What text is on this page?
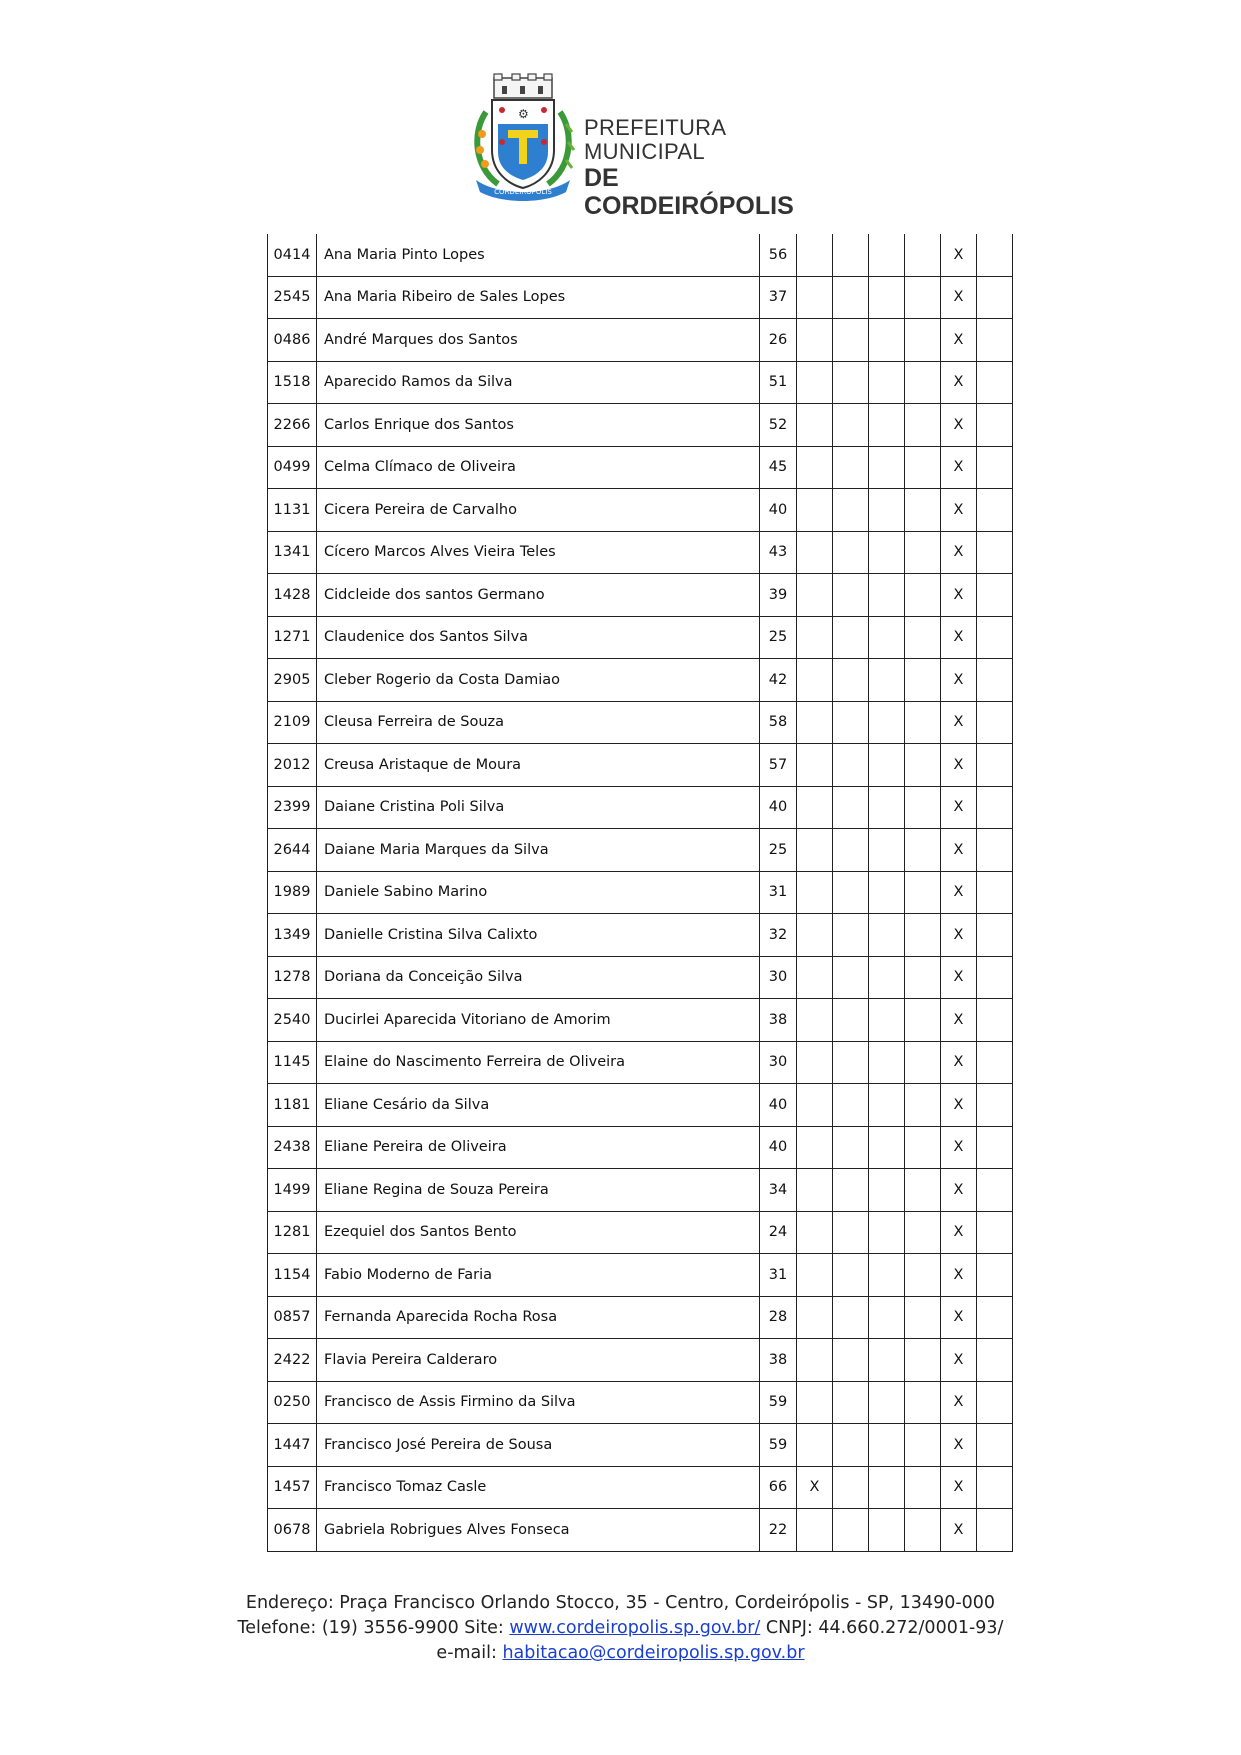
⚙
CORDEIRÓPOLIS
PREFEITURA MUNICIPAL
DE CORDEIRÓPOLIS
0414	Ana Maria Pinto Lopes	56					X	
2545	Ana Maria Ribeiro de Sales Lopes	37					X	
0486	André Marques dos Santos	26					X	
1518	Aparecido Ramos da Silva	51					X	
2266	Carlos Enrique dos Santos	52					X	
0499	Celma Clímaco de Oliveira	45					X	
1131	Cicera Pereira de Carvalho	40					X	
1341	Cícero Marcos Alves Vieira Teles	43					X	
1428	Cidcleide dos santos Germano	39					X	
1271	Claudenice dos Santos Silva	25					X	
2905	Cleber Rogerio da Costa Damiao	42					X	
2109	Cleusa Ferreira de Souza	58					X	
2012	Creusa Aristaque de Moura	57					X	
2399	Daiane Cristina Poli Silva	40					X	
2644	Daiane Maria Marques da Silva	25					X	
1989	Daniele Sabino Marino	31					X	
1349	Danielle Cristina Silva Calixto	32					X	
1278	Doriana da Conceição Silva	30					X	
2540	Ducirlei Aparecida Vitoriano de Amorim	38					X	
1145	Elaine do Nascimento Ferreira de Oliveira	30					X	
1181	Eliane Cesário da Silva	40					X	
2438	Eliane Pereira de Oliveira	40					X	
1499	Eliane Regina de Souza Pereira	34					X	
1281	Ezequiel dos Santos Bento	24					X	
1154	Fabio Moderno de Faria	31					X	
0857	Fernanda Aparecida Rocha Rosa	28					X	
2422	Flavia Pereira Calderaro	38					X	
0250	Francisco de Assis Firmino da Silva	59					X	
1447	Francisco José Pereira de Sousa	59					X	
1457	Francisco Tomaz Casle	66	X				X	
0678	Gabriela Robrigues Alves Fonseca	22					X	
Endereço: Praça Francisco Orlando Stocco, 35 - Centro, Cordeirópolis - SP, 13490-000
Telefone: (19) 3556-9900 Site: www.cordeiropolis.sp.gov.br/ CNPJ: 44.660.272/0001-93/
e-mail: habitacao@cordeiropolis.sp.gov.br
